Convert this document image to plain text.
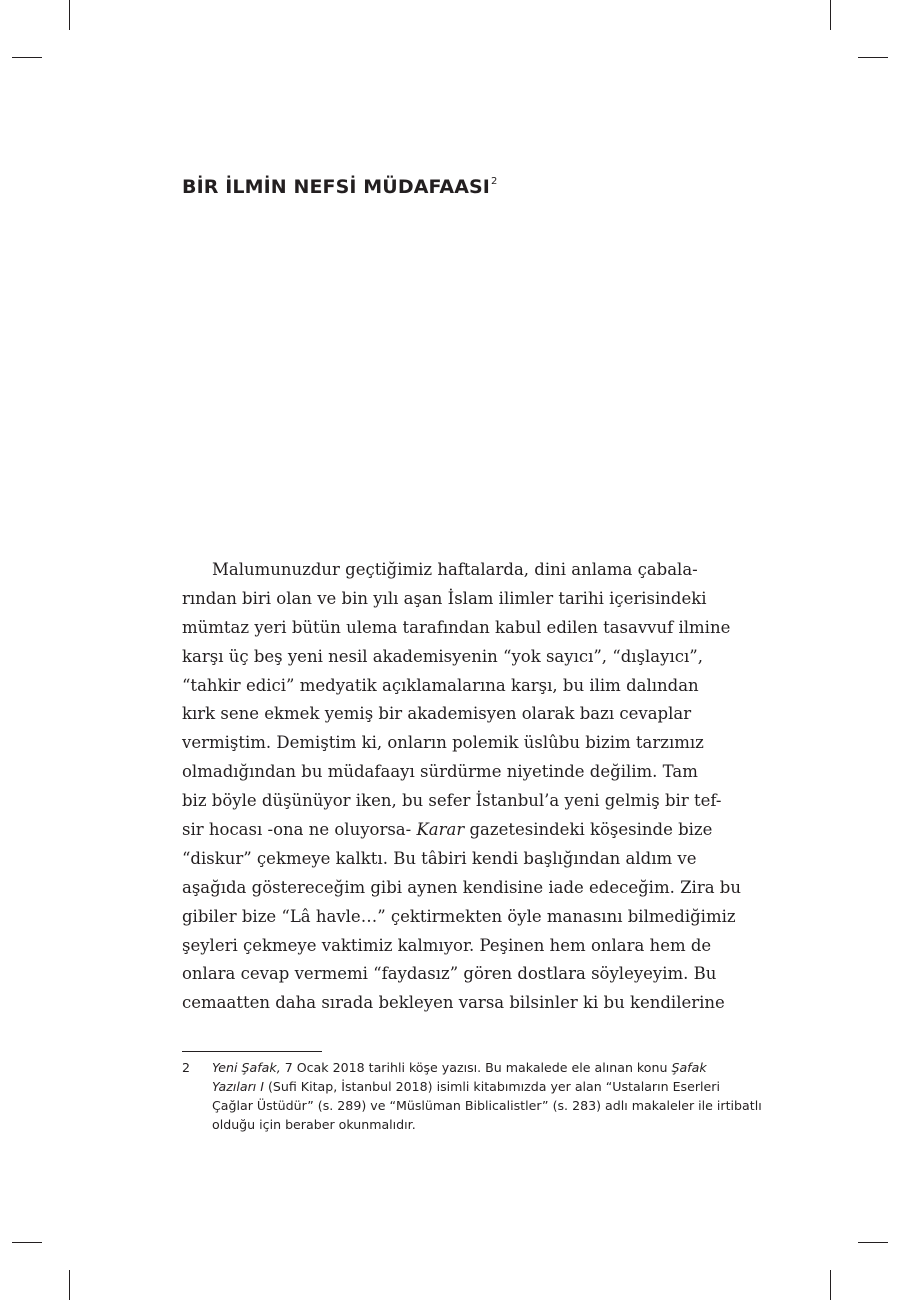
BİR İLMİN NEFSİ MÜDAFAASI$^2$
Malumunuzdur geçtiğimiz haftalarda, dini anlama çabala-
rından biri olan ve bin yılı aşan İslam ilimler tarihi içerisindeki
mümtaz yeri bütün ulema tarafından kabul edilen tasavvuf ilmine
karşı üç beş yeni nesil akademisyenin “yok sayıcı”, “dışlayıcı”,
“tahkir edici” medyatik açıklamalarına karşı, bu ilim dalından
kırk sene ekmek yemiş bir akademisyen olarak bazı cevaplar
vermiştim. Demiştim ki, onların polemik üslûbu bizim tarzımız
olmadığından bu müdafaayı sürdürme niyetinde değilim. Tam
biz böyle düşünüyor iken, bu sefer İstanbul’a yeni gelmiş bir tef-
sir hocası -ona ne oluyorsa- Karar gazetesindeki köşesinde bize
“diskur” çekmeye kalktı. Bu tâbiri kendi başlığından aldım ve
aşağıda göstereceğim gibi aynen kendisine iade edeceğim. Zira bu
gibiler bize “Lâ havle…” çektirmekten öyle manasını bilmediğimiz
şeyleri çekmeye vaktimiz kalmıyor. Peşinen hem onlara hem de
onlara cevap vermemi “faydasız” gören dostlara söyleyeyim. Bu
cemaatten daha sırada bekleyen varsa bilsinler ki bu kendilerine
2 Yeni Şafak, 7 Ocak 2018 tarihli köşe yazısı. Bu makalede ele alınan konu Şafak
Yazıları I (Sufi Kitap, İstanbul 2018) isimli kitabımızda yer alan “Ustaların Eserleri
Çağlar Üstüdür” (s. 289) ve “Müslüman Biblicalistler” (s. 283) adlı makaleler ile irtibatlı
olduğu için beraber okunmalıdır.
